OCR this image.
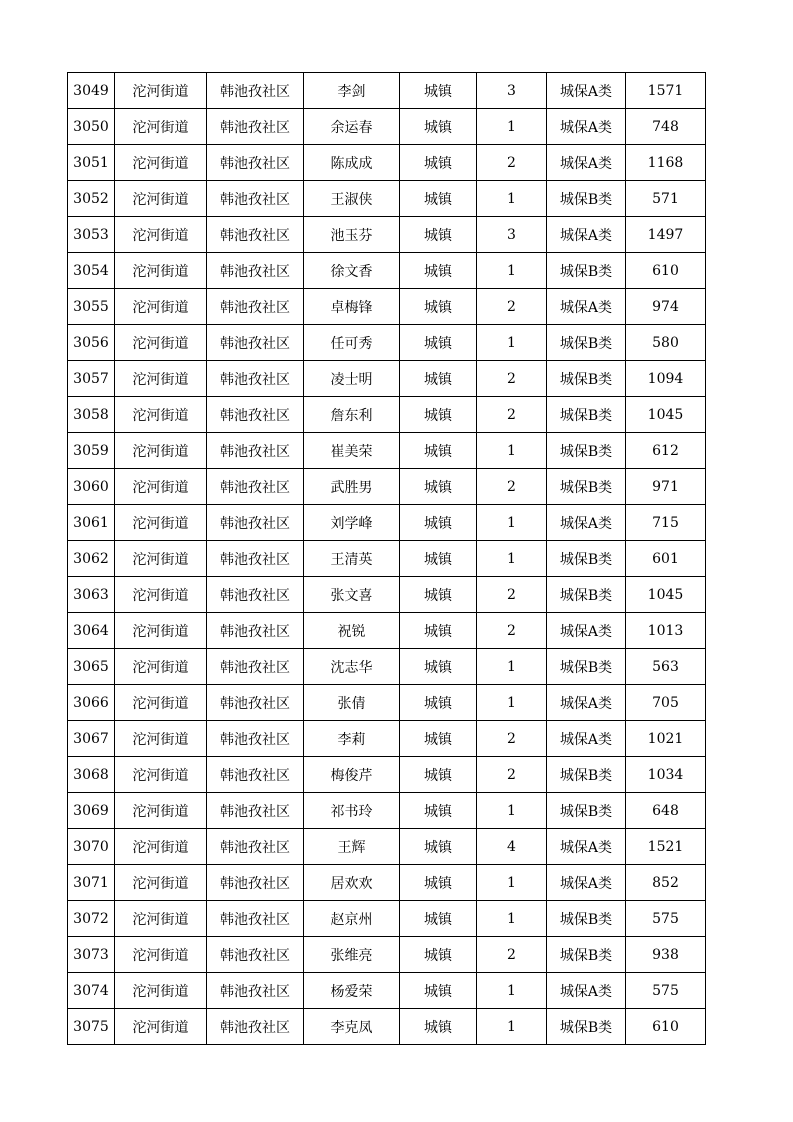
3049	沱河街道	韩池孜社区	李剑	城镇	3	城保A类	1571
3050	沱河街道	韩池孜社区	余运春	城镇	1	城保A类	748
3051	沱河街道	韩池孜社区	陈成成	城镇	2	城保A类	1168
3052	沱河街道	韩池孜社区	王淑侠	城镇	1	城保B类	571
3053	沱河街道	韩池孜社区	池玉芬	城镇	3	城保A类	1497
3054	沱河街道	韩池孜社区	徐文香	城镇	1	城保B类	610
3055	沱河街道	韩池孜社区	卓梅锋	城镇	2	城保A类	974
3056	沱河街道	韩池孜社区	任可秀	城镇	1	城保B类	580
3057	沱河街道	韩池孜社区	凌士明	城镇	2	城保B类	1094
3058	沱河街道	韩池孜社区	詹东利	城镇	2	城保B类	1045
3059	沱河街道	韩池孜社区	崔美荣	城镇	1	城保B类	612
3060	沱河街道	韩池孜社区	武胜男	城镇	2	城保B类	971
3061	沱河街道	韩池孜社区	刘学峰	城镇	1	城保A类	715
3062	沱河街道	韩池孜社区	王清英	城镇	1	城保B类	601
3063	沱河街道	韩池孜社区	张文喜	城镇	2	城保B类	1045
3064	沱河街道	韩池孜社区	祝锐	城镇	2	城保A类	1013
3065	沱河街道	韩池孜社区	沈志华	城镇	1	城保B类	563
3066	沱河街道	韩池孜社区	张倩	城镇	1	城保A类	705
3067	沱河街道	韩池孜社区	李莉	城镇	2	城保A类	1021
3068	沱河街道	韩池孜社区	梅俊芹	城镇	2	城保B类	1034
3069	沱河街道	韩池孜社区	祁书玲	城镇	1	城保B类	648
3070	沱河街道	韩池孜社区	王辉	城镇	4	城保A类	1521
3071	沱河街道	韩池孜社区	居欢欢	城镇	1	城保A类	852
3072	沱河街道	韩池孜社区	赵京州	城镇	1	城保B类	575
3073	沱河街道	韩池孜社区	张维亮	城镇	2	城保B类	938
3074	沱河街道	韩池孜社区	杨爱荣	城镇	1	城保A类	575
3075	沱河街道	韩池孜社区	李克凤	城镇	1	城保B类	610
